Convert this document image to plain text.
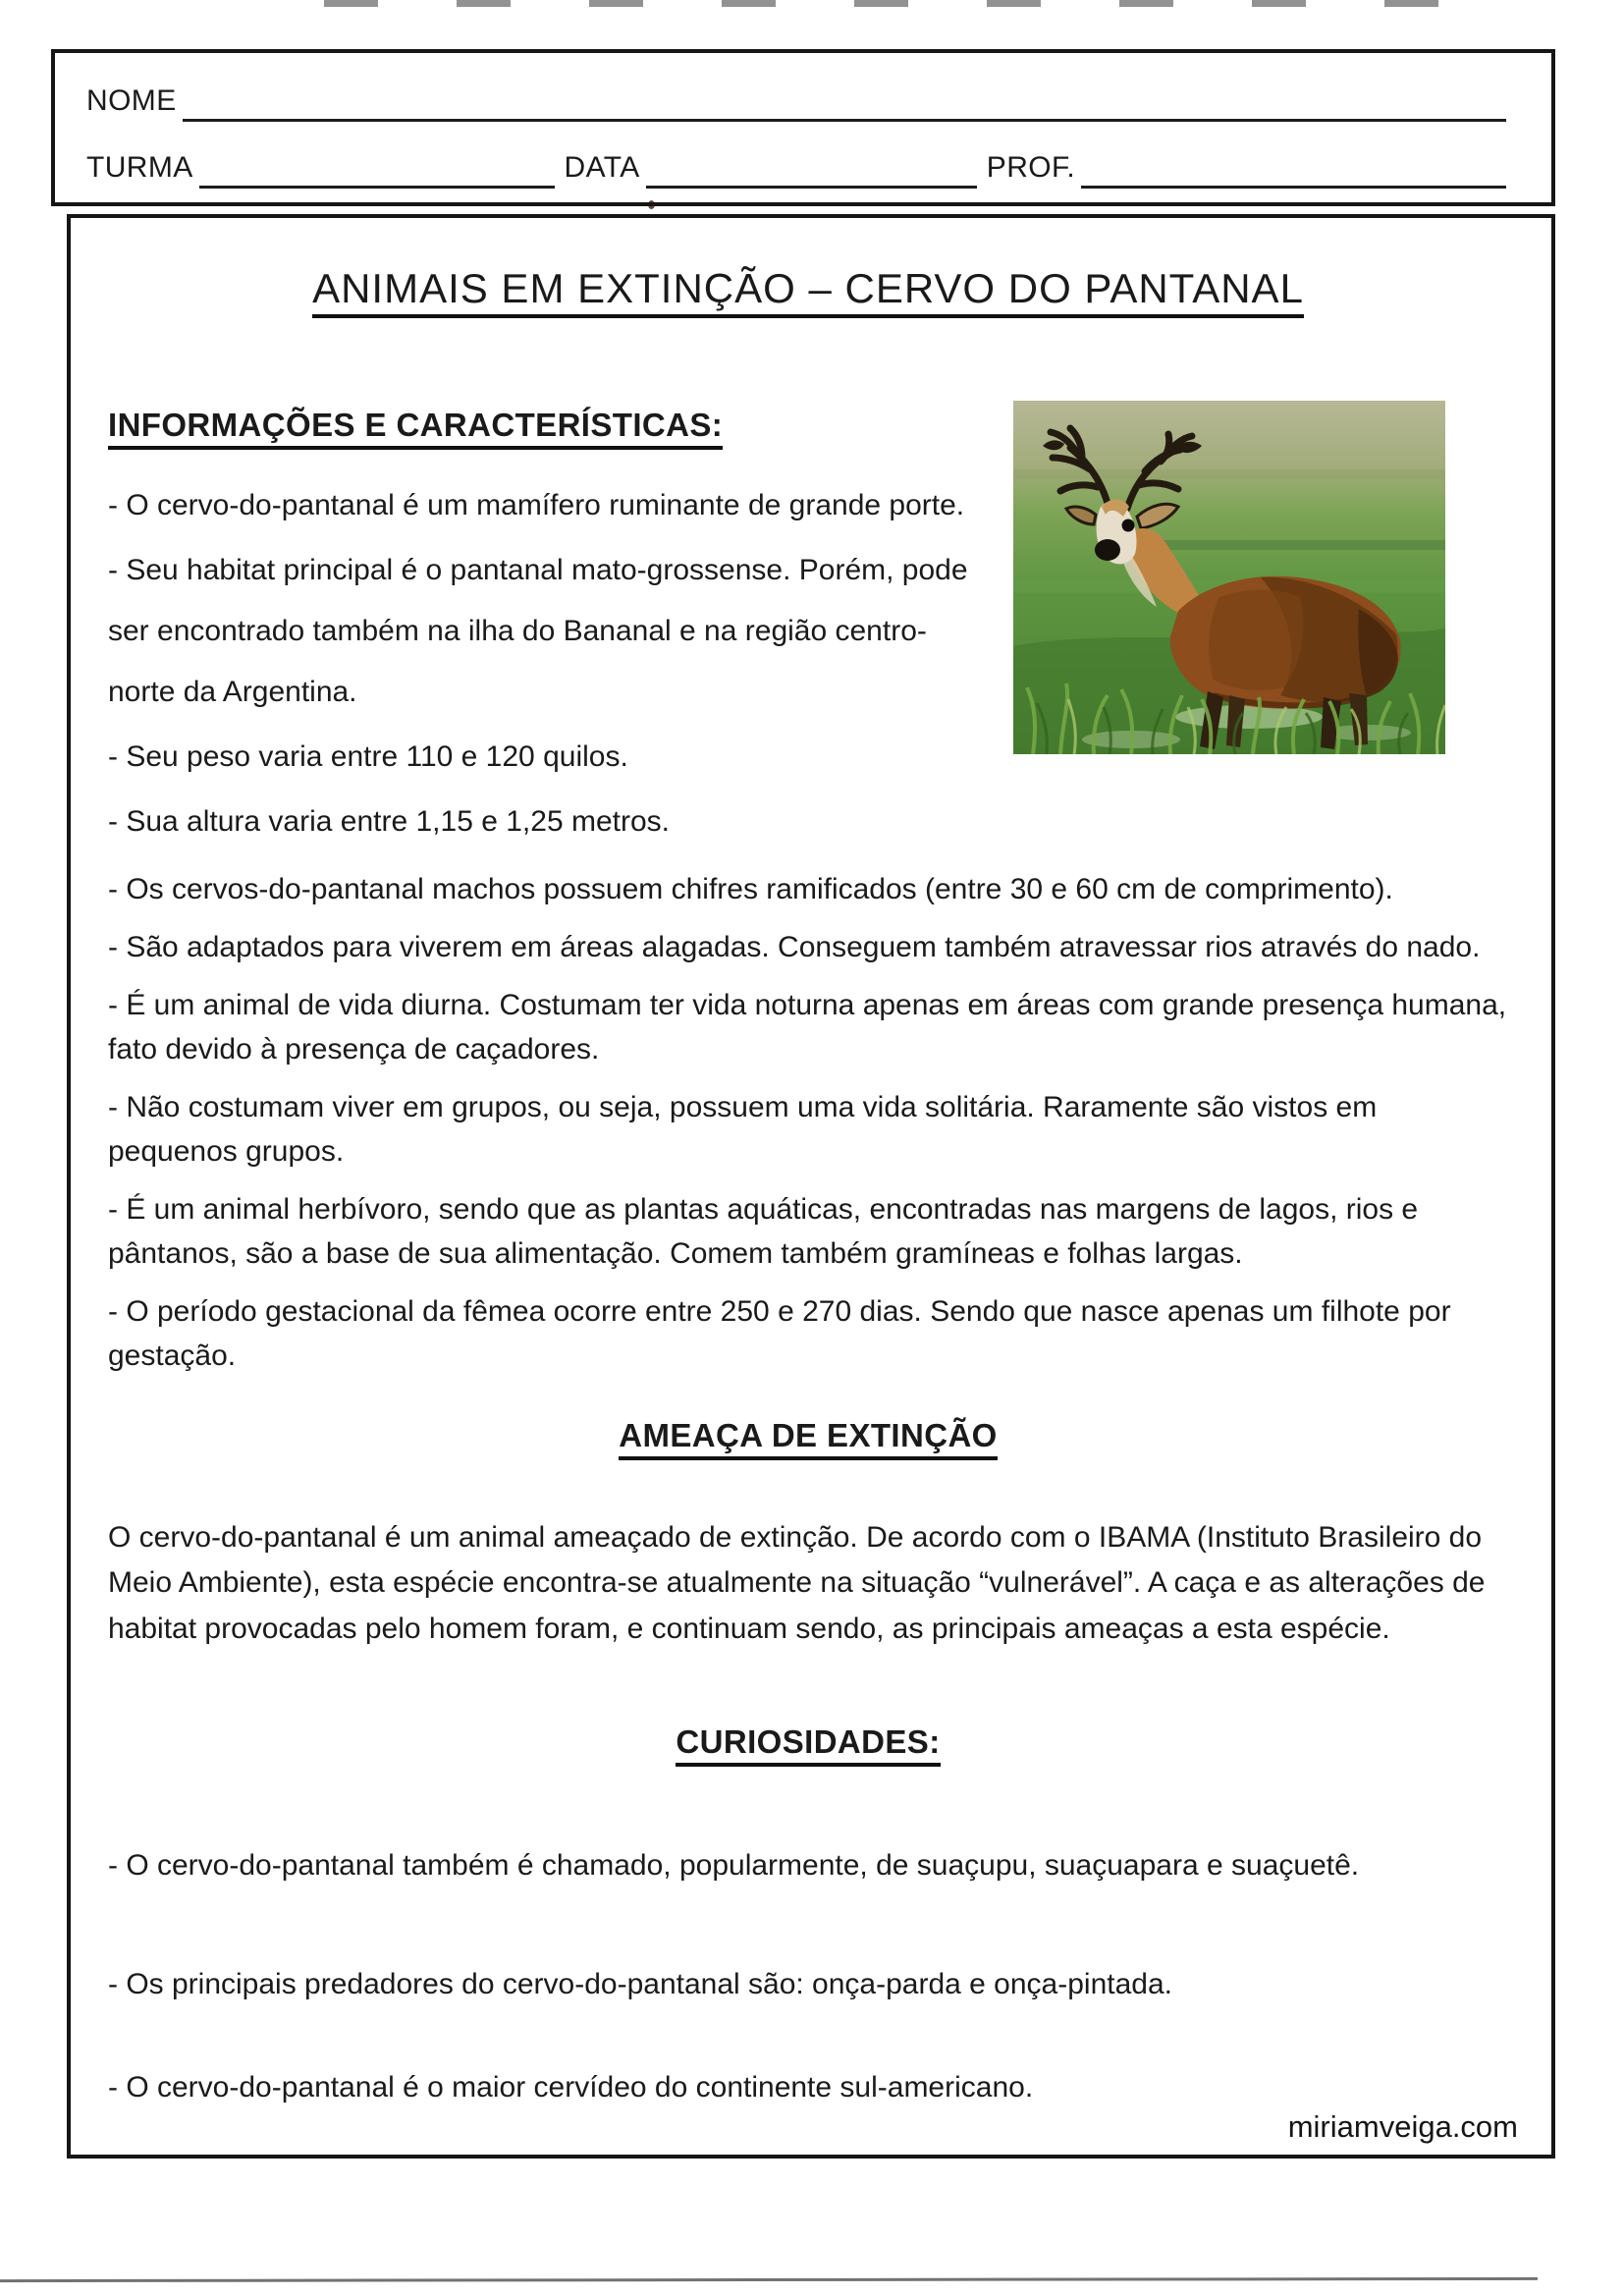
NOME
TURMA	DATA	PROF.
ANIMAIS EM EXTINÇÃO – CERVO DO PANTANAL
INFORMAÇÕES E CARACTERÍSTICAS:

- O cervo-do-pantanal é um mamífero ruminante de grande porte.

- Seu habitat principal é o pantanal mato-grossense. Porém, pode ser encontrado também na ilha do Bananal e na região centro-norte da Argentina.

- Seu peso varia entre 110 e 120 quilos.

- Sua altura varia entre 1,15 e 1,25 metros.

- Os cervos-do-pantanal machos possuem chifres ramificados (entre 30 e 60 cm de comprimento).

- São adaptados para viverem em áreas alagadas. Conseguem também atravessar rios através do nado.

- É um animal de vida diurna. Costumam ter vida noturna apenas em áreas com grande presença humana, fato devido à presença de caçadores.

- Não costumam viver em grupos, ou seja, possuem uma vida solitária. Raramente são vistos em pequenos grupos.

- É um animal herbívoro, sendo que as plantas aquáticas, encontradas nas margens de lagos, rios e pântanos, são a base de sua alimentação. Comem também gramíneas e folhas largas.

- O período gestacional da fêmea ocorre entre 250 e 270 dias. Sendo que nasce apenas um filhote por gestação.

AMEAÇA DE EXTINÇÃO

O cervo-do-pantanal é um animal ameaçado de extinção. De acordo com o IBAMA (Instituto Brasileiro do Meio Ambiente), esta espécie encontra-se atualmente na situação “vulnerável”. A caça e as alterações de habitat provocadas pelo homem foram, e continuam sendo, as principais ameaças a esta espécie.

CURIOSIDADES:

- O cervo-do-pantanal também é chamado, popularmente, de suaçupu, suaçuapara e suaçuetê.

- Os principais predadores do cervo-do-pantanal são: onça-parda e onça-pintada.

- O cervo-do-pantanal é o maior cervídeo do continente sul-americano.

miriamveiga.com
